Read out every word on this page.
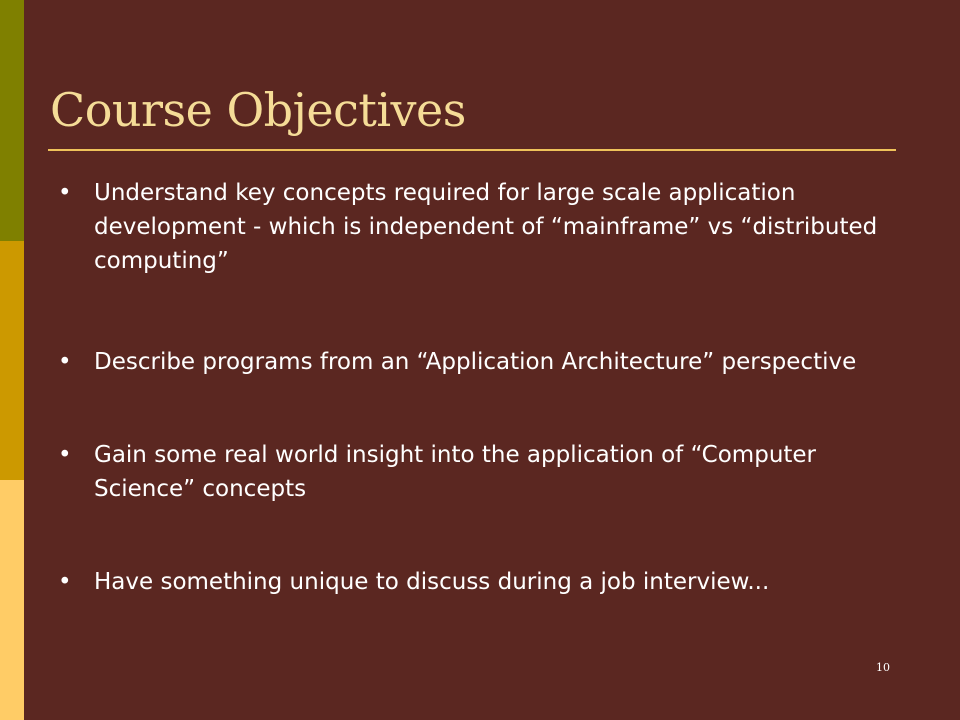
Course Objectives
• Understand key concepts required for large scale application development - which is independent of “mainframe” vs “distributed computing”
• Describe programs from an “Application Architecture” perspective
• Gain some real world insight into the application of “Computer Science” concepts
• Have something unique to discuss during a job interview...
10
